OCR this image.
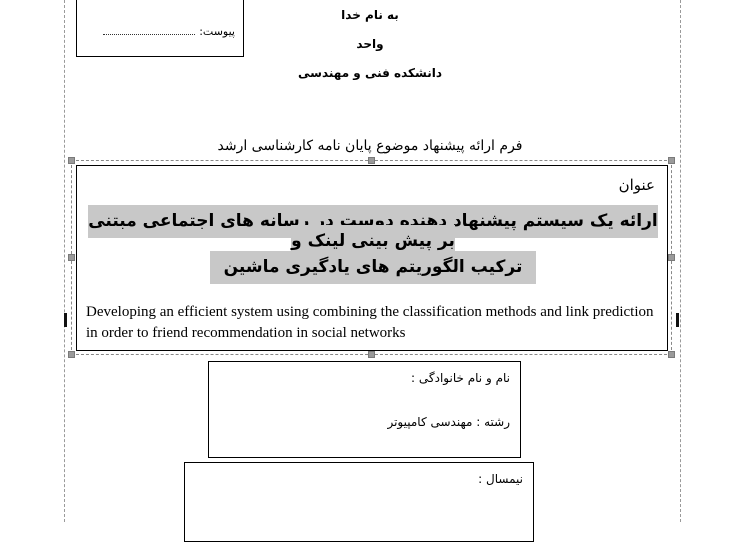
پیوست:
به نام خدا
واحد
دانشکده فنی و مهندسی
فرم ارائه پیشنهاد موضوع پایان نامه کارشناسی ارشد
عنوان
ارائه یک سیستم پیشنهاد دهنده دوست در رسانه های اجتماعی مبتنی بر پیش بینی لینک و
ترکیب الگوریتم های یادگیری ماشین
Developing an efficient system using combining the classification methods and link prediction in order to friend recommendation in social networks
نام و نام خانوادگی :
رشته : مهندسی کامپیوتر
نیمسال :
